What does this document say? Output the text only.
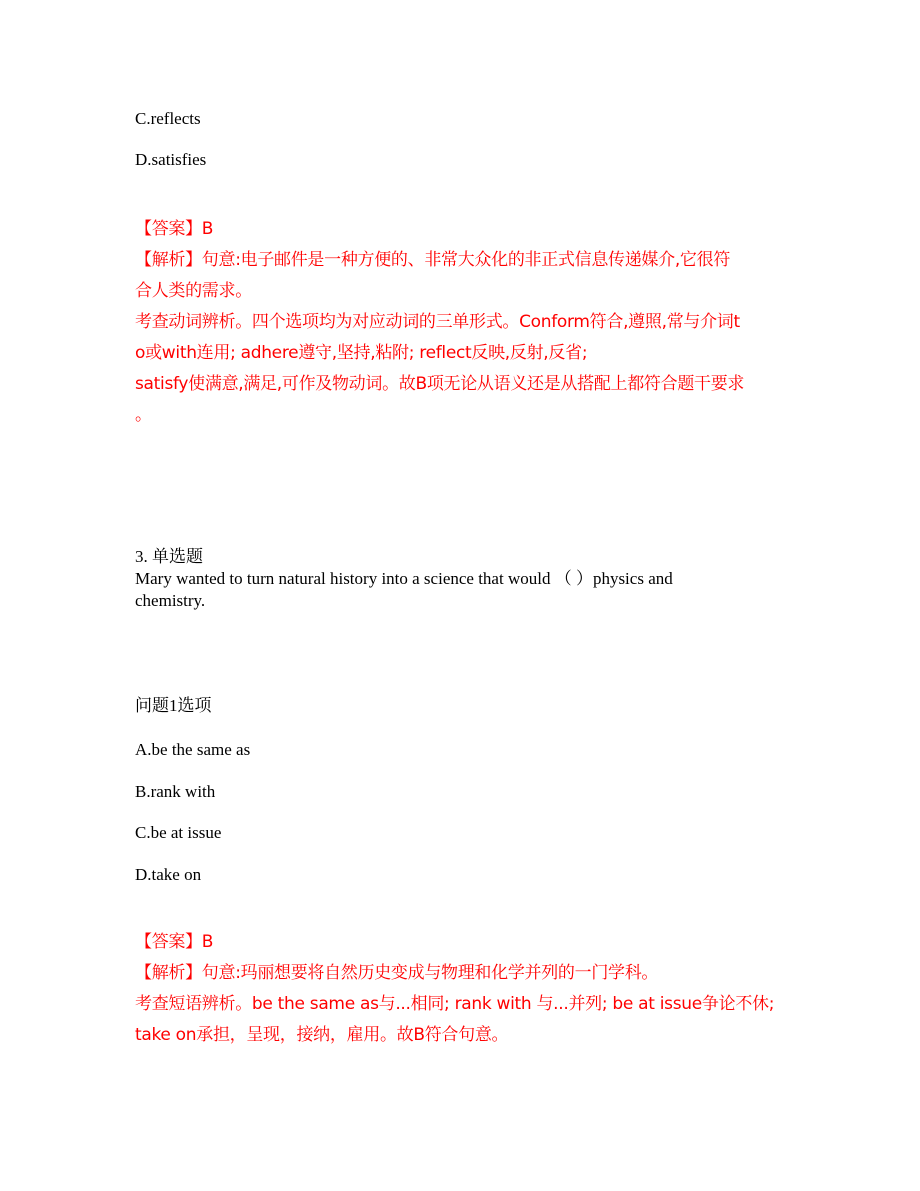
C.reflects

D.satisfies

【答案】B
【解析】句意:电子邮件是一种方便的、非常大众化的非正式信息传递媒介,它很符
合人类的需求。
考查动词辨析。四个选项均为对应动词的三单形式。Conform符合,遵照,常与介词t
o或with连用; adhere遵守,坚持,粘附; reflect反映,反射,反省;
satisfy使满意,满足,可作及物动词。故B项无论从语义还是从搭配上都符合题干要求
。
3. 单选题
Mary wanted to turn natural history into a science that would （ ）physics and
chemistry.

问题1选项

A.be the same as

B.rank with

C.be at issue

D.take on

【答案】B
【解析】句意:玛丽想要将自然历史变成与物理和化学并列的一门学科。
考查短语辨析。be the same as与...相同; rank with 与...并列; be at issue争论不休;
take on承担，呈现，接纳，雇用。故B符合句意。
